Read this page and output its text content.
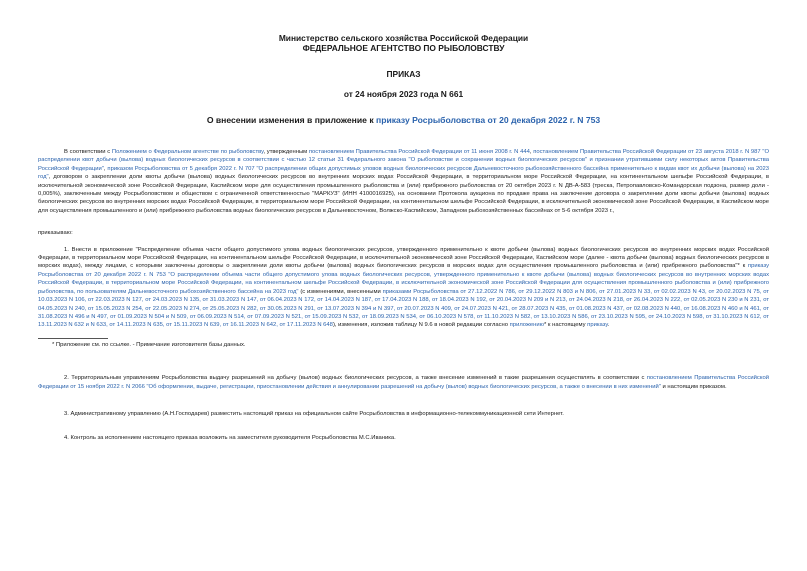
Министерство сельского хозяйства Российской Федерации
ФЕДЕРАЛЬНОЕ АГЕНТСТВО ПО РЫБОЛОВСТВУ
ПРИКАЗ
от 24 ноября 2023 года N 661
О внесении изменения в приложение к приказу Росрыболовства от 20 декабря 2022 г. N 753
В соответствии с Положением о Федеральном агентстве по рыболовству, утвержденным постановлением Правительства Российской Федерации от 11 июня 2008 г. N 444, постановлением Правительства Российской Федерации от 23 августа 2018 г. N 987 "О распределении квот добычи (вылова) водных биологических ресурсов в соответствии с частью 12 статьи 31 Федерального закона "О рыболовстве и сохранении водных биологических ресурсов" и признании утратившими силу некоторых актов Правительства Российской Федерации", приказом Росрыболовства от 5 декабря 2022 г. N 707 "О распределении общих допустимых уловов водных биологических ресурсов Дальневосточного рыбохозяйственного бассейна применительно к видам квот их добычи (вылова) на 2023 год", договором о закреплении доли квоты добычи (вылова) водных биологических ресурсов во внутренних морских водах Российской Федерации, в территориальном море Российской Федерации, на континентальном шельфе Российской Федерации, в исключительной экономической зоне Российской Федерации, Каспийском море для осуществления промышленного рыболовства и (или) прибрежного рыболовства от 20 октября 2023 г. N ДВ-А-583 (треска, Петропавловско-Командорская подзона, размер доли - 0,005%), заключенным между Росрыболовством и обществом с ограниченной ответственностью "МАРКУЗ" (ИНН 4100016925), на основании Протокола аукциона по продаже права на заключение договора о закреплении доли квоты добычи (вылова) водных биологических ресурсов во внутренних морских водах Российской Федерации, в территориальном море Российской Федерации, на континентальном шельфе Российской Федерации, в исключительной экономической зоне Российской Федерации, в Каспийском море для осуществления промышленного и (или) прибрежного рыболовства водных биологических ресурсов в Дальневосточном, Волжско-Каспийском, Западном рыбохозяйственных бассейнах от 5-6 октября 2023 г.,
приказываю:
1. Внести в приложение "Распределение объема части общего допустимого улова водных биологических ресурсов, утвержденного применительно к квоте добычи (вылова) водных биологических ресурсов во внутренних морских водах Российской Федерации, в территориальном море Российской Федерации, на континентальном шельфе Российской Федерации, в исключительной экономической зоне Российской Федерации, Каспийском море (далее - квота добычи (вылова) водных биологических ресурсов в морских водах), между лицами, с которыми заключены договоры о закреплении доли квоты добычи (вылова) водных биологических ресурсов в морских водах для осуществления промышленного рыболовства и (или) прибрежного рыболовства"* к приказу Росрыболовства от 20 декабря 2022 г. N 753 "О распределении объема части общего допустимого улова водных биологических ресурсов, утвержденного применительно к квоте добычи (вылова) водных биологических ресурсов во внутренних морских водах Российской Федерации, в территориальном море Российской Федерации, на континентальном шельфе Российской Федерации, в исключительной экономической зоне Российской Федерации для осуществления промышленного рыболовства и (или) прибрежного рыболовства, по пользователям Дальневосточного рыбохозяйственного бассейна на 2023 год" (с изменениями, внесенными приказами Росрыболовства от 27.12.2022 N 786, от 29.12.2022 N 803 и N 806, от 27.01.2023 N 33, от 02.02.2023 N 43, от 20.02.2023 N 75, от 10.03.2023 N 106, от 22.03.2023 N 127, от 24.03.2023 N 135, от 31.03.2023 N 147, от 06.04.2023 N 172, от 14.04.2023 N 187, от 17.04.2023 N 188, от 18.04.2023 N 192, от 20.04.2023 N 209 и N 213, от 24.04.2023 N 218, от 26.04.2023 N 222, от 02.05.2023 N 230 и N 231, от 04.05.2023 N 240, от 15.05.2023 N 254, от 22.05.2023 N 274, от 25.05.2023 N 282, от 30.05.2023 N 291, от 13.07.2023 N 394 и N 397, от 20.07.2023 N 409, от 24.07.2023 N 421, от 28.07.2023 N 435, от 01.08.2023 N 437, от 02.08.2023 N 440, от 16.08.2023 N 460 и N 461, от 31.08.2023 N 496 и N 497, от 01.09.2023 N 504 и N 509, от 06.09.2023 N 514, от 07.09.2023 N 521, от 15.09.2023 N 532, от 18.09.2023 N 534, от 06.10.2023 N 578, от 11.10.2023 N 582, от 13.10.2023 N 586, от 23.10.2023 N 595, от 24.10.2023 N 598, от 31.10.2023 N 612, от 13.11.2023 N 632 и N 633, от 14.11.2023 N 635, от 15.11.2023 N 639, от 16.11.2023 N 642, от 17.11.2023 N 648), изменения, изложив таблицу N 9.6 в новой редакции согласно приложению* к настоящему приказу.
* Приложение см. по ссылке. - Примечание изготовителя базы данных.
2. Территориальным управлениям Росрыболовства выдачу разрешений на добычу (вылов) водных биологических ресурсов, а также внесение изменений в такие разрешения осуществлять в соответствии с постановлением Правительства Российской Федерации от 15 ноября 2022 г. N 2066 "Об оформлении, выдаче, регистрации, приостановлении действия и аннулировании разрешений на добычу (вылов) водных биологических ресурсов, а также о внесении в них изменений" и настоящим приказом.
3. Административному управлению (А.Н.Господарев) разместить настоящий приказ на официальном сайте Росрыболовства в информационно-телекоммуникационной сети Интернет.
4. Контроль за исполнением настоящего приказа возложить на заместителя руководителя Росрыболовства М.С.Иваника.
